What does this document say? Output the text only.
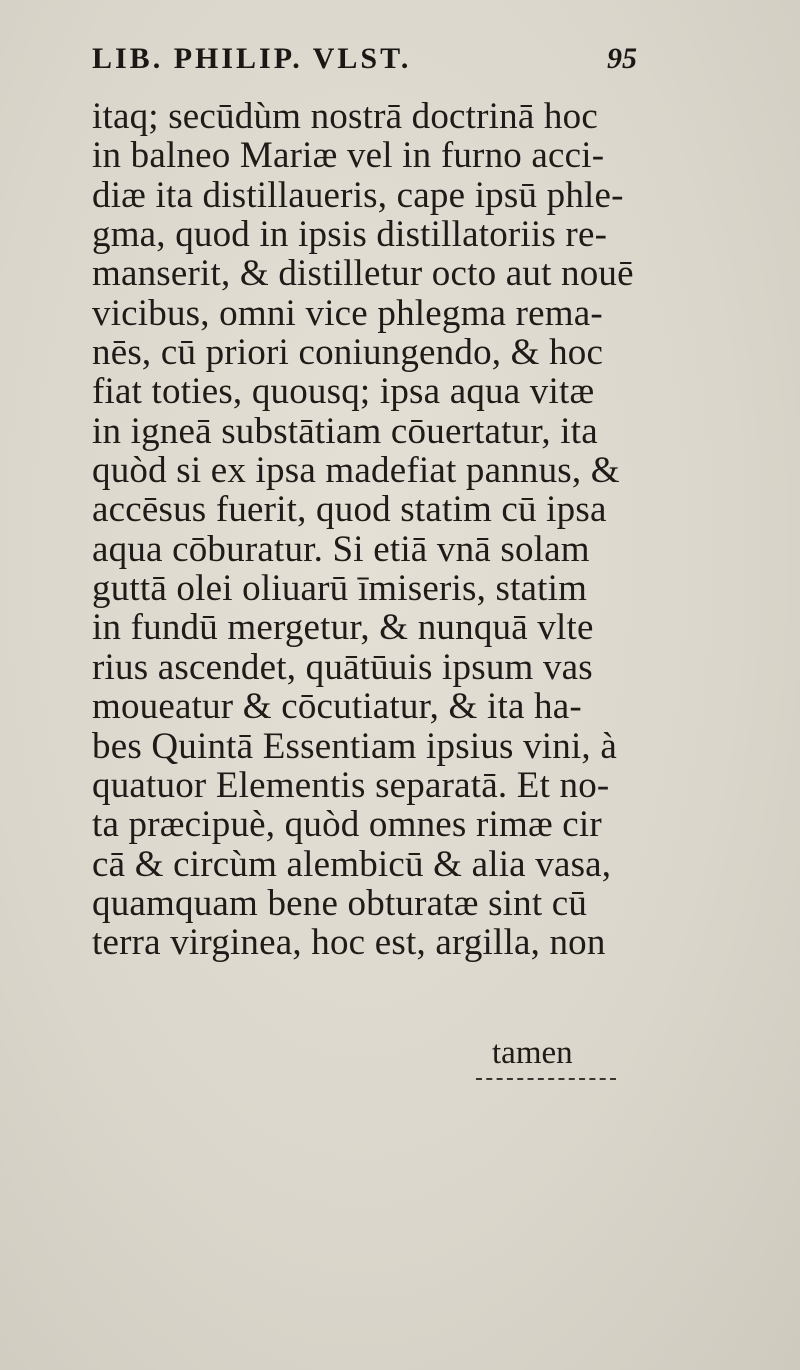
LIB. PHILIP. VLST.	95
itaq; secūdùm nostrā doctrinā hoc
in balneo Mariæ vel in furno acci-
diæ ita distillaueris, cape ipsū phle-
gma, quod in ipsis distillatoriis re-
manserit, & distilletur octo aut nouē
vicibus, omni vice phlegma rema-
nēs, cū priori coniungendo, & hoc
fiat toties, quousq; ipsa aqua vitæ
in igneā substātiam cōuertatur, ita
quòd si ex ipsa madefiat pannus, &
accēsus fuerit, quod statim cū ipsa
aqua cōburatur. Si etiā vnā solam
guttā olei oliuarū īmiseris, statim
in fundū mergetur, & nunquā vlte
rius ascendet, quātūuis ipsum vas
moueatur & cōcutiatur, & ita ha-
bes Quintā Essentiam ipsius vini, à
quatuor Elementis separatā. Et no-
ta præcipuè, quòd omnes rimæ cir
cā & circùm alembicū & alia vasa,
quamquam bene obturatæ sint cū
terra virginea, hoc est, argilla, non
tamen
